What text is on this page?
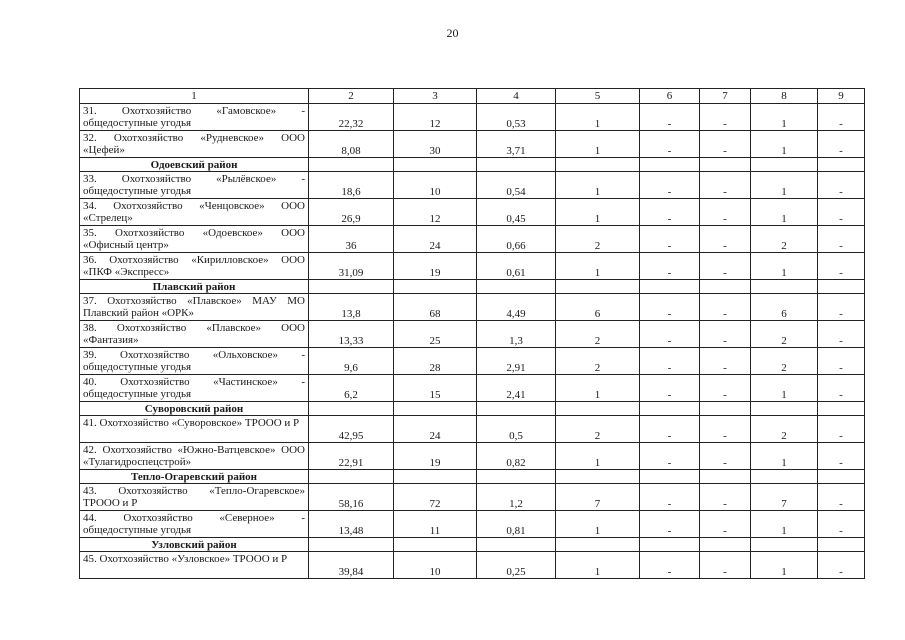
20
1	2	3	4	5	6	7	8	9
31. Охотхозяйство «Гамовское» - общедоступные угодья	22,32	12	0,53	1	-	-	1	-
32. Охотхозяйство «Рудневское» ООО «Цефей»	8,08	30	3,71	1	-	-	1	-
Одоевский район								
33. Охотхозяйство «Рылёвское» - общедоступные угодья	18,6	10	0,54	1	-	-	1	-
34. Охотхозяйство «Ченцовское» ООО «Стрелец»	26,9	12	0,45	1	-	-	1	-
35. Охотхозяйство «Одоевское» ООО «Офисный центр»	36	24	0,66	2	-	-	2	-
36. Охотхозяйство «Кирилловское» ООО «ПКФ «Экспресс»	31,09	19	0,61	1	-	-	1	-
Плавский район								
37. Охотхозяйство «Плавское» МАУ МО Плавский район «ОРК»	13,8	68	4,49	6	-	-	6	-
38. Охотхозяйство «Плавское» ООО «Фантазия»	13,33	25	1,3	2	-	-	2	-
39. Охотхозяйство «Ольховское» - общедоступные угодья	9,6	28	2,91	2	-	-	2	-
40. Охотхозяйство «Частинское» - общедоступные угодья	6,2	15	2,41	1	-	-	1	-
Суворовский район								
41. Охотхозяйство «Суворовское» ТРООО и Р	42,95	24	0,5	2	-	-	2	-
42. Охотхозяйство «Южно-Ватцевское» ООО «Тулагидроспецстрой»	22,91	19	0,82	1	-	-	1	-
Тепло-Огаревский район								
43. Охотхозяйство «Тепло-Огаревское» ТРООО и Р	58,16	72	1,2	7	-	-	7	-
44. Охотхозяйство «Северное» - общедоступные угодья	13,48	11	0,81	1	-	-	1	-
Узловский район								
45. Охотхозяйство «Узловское» ТРООО и Р	39,84	10	0,25	1	-	-	1	-
